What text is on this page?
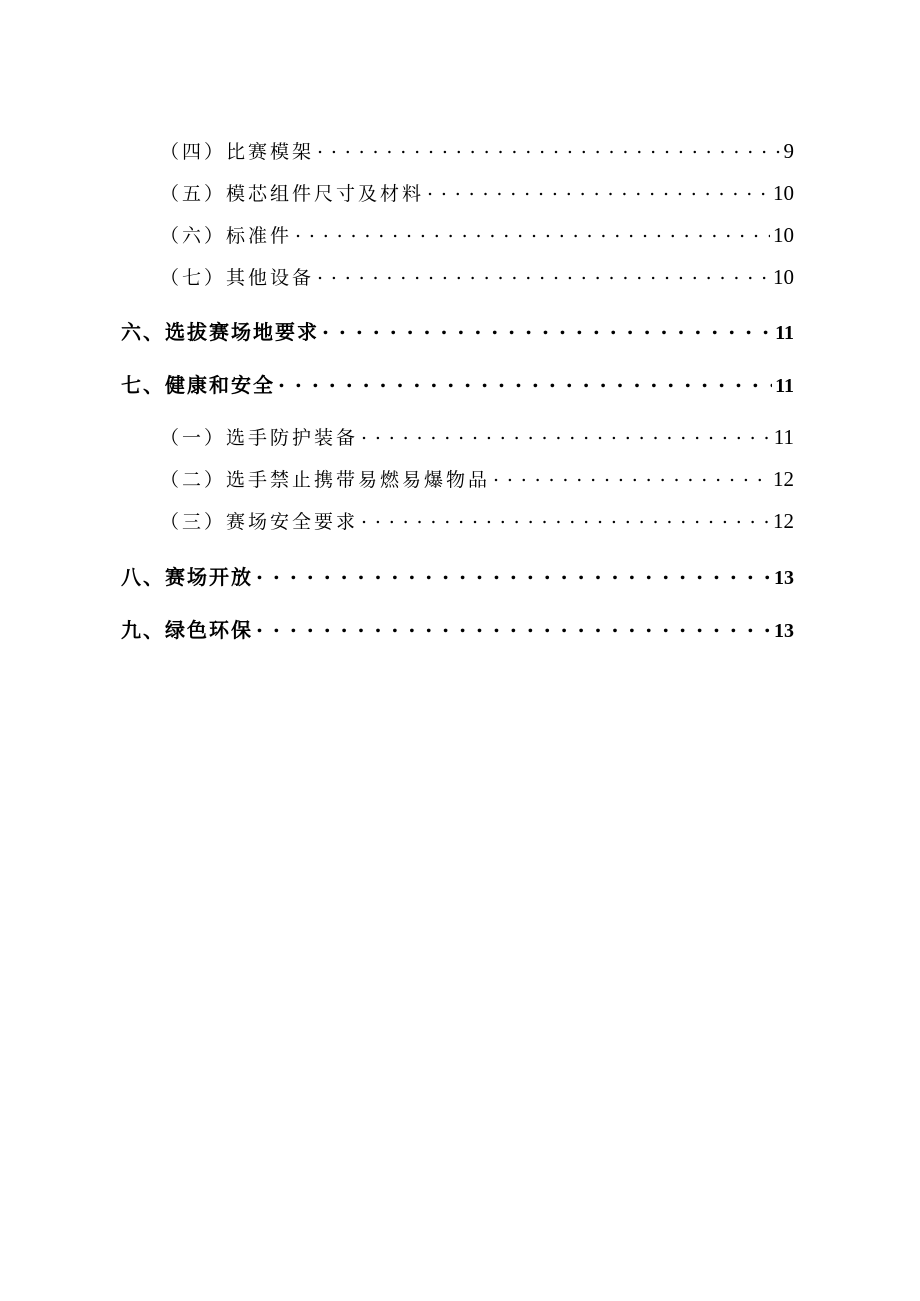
（四）比赛模架 . . .	9
（五）模芯组件尺寸及材料 . . .	10
（六）标准件 . . .	10
（七）其他设备 . . .	10
六、选拔赛场地要求 . . .	11
七、健康和安全 . . .	11
（一）选手防护装备 . . .	11
（二）选手禁止携带易燃易爆物品 . . .	12
（三）赛场安全要求 . . .	12
八、赛场开放 . . .	13
九、绿色环保 . . .	13
